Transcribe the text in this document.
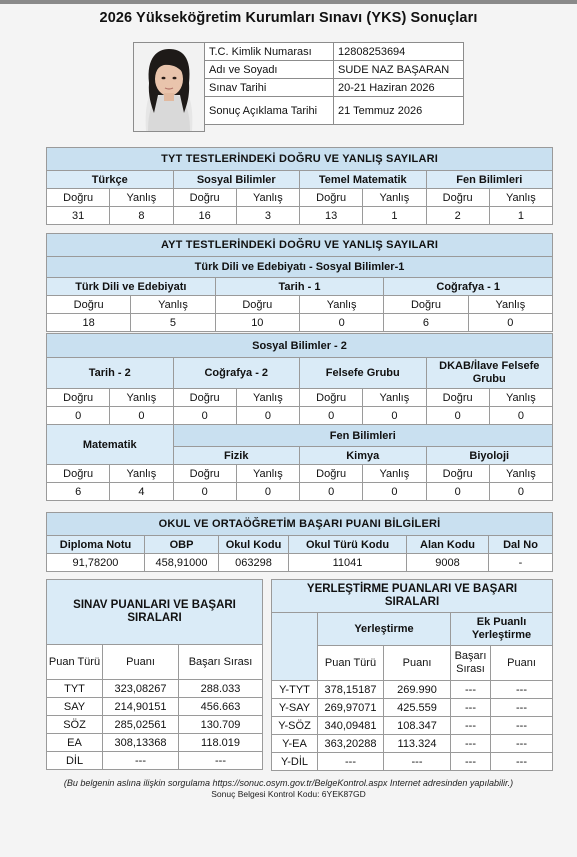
2026 Yükseköğretim Kurumları Sınavı (YKS) Sonuçları
T.C. Kimlik Numarası	12808253694
Adı ve Soyadı	SUDE NAZ BAŞARAN
Sınav Tarihi	20-21 Haziran 2026
Sonuç Açıklama Tarihi	21 Temmuz 2026
TYT TESTLERİNDEKİ DOĞRU VE YANLIŞ SAYILARI							
Türkçe		Sosyal Bilimler		Temel Matematik		Fen Bilimleri	
Doğru	Yanlış	Doğru	Yanlış	Doğru	Yanlış	Doğru	Yanlış
31	8	16	3	13	1	2	1
AYT TESTLERİNDEKİ DOĞRU VE YANLIŞ SAYILARI					
Türk Dili ve Edebiyatı - Sosyal Bilimler-1					
Türk Dili ve Edebiyatı		Tarih - 1		Coğrafya - 1	
Doğru	Yanlış	Doğru	Yanlış	Doğru	Yanlış
18	5	10	0	6	0
Sosyal Bilimler - 2							
Tarih - 2		Coğrafya - 2		Felsefe Grubu		DKAB/İlave Felsefe Grubu	
Doğru	Yanlış	Doğru	Yanlış	Doğru	Yanlış	Doğru	Yanlış
0	0	0	0	0	0	0	0
Matematik		Fen Bilimleri					
		Fizik		Kimya		Biyoloji	
Doğru	Yanlış	Doğru	Yanlış	Doğru	Yanlış	Doğru	Yanlış
6	4	0	0	0	0	0	0
OKUL VE ORTAÖĞRETİM BAŞARI PUANI BİLGİLERİ					
Diploma Notu	OBP	Okul Kodu	Okul Türü Kodu	Alan Kodu	Dal No
91,78200	458,91000	063298	11041	9008	-
SINAV PUANLARI VE BAŞARI SIRALARI		
Puan Türü	Puanı	Başarı Sırası
TYT	323,08267	288.033
SAY	214,90151	456.663
SÖZ	285,02561	130.709
EA	308,13368	118.019
DİL	---	---
YERLEŞTİRME PUANLARI VE BAŞARI SIRALARI					
	Yerleştirme		Ek Puanlı Yerleştirme		
	Puan Türü	Puanı	Başarı Sırası	Puanı	
Y-TYT	378,15187	269.990	---	---	
Y-SAY	269,97071	425.559	---	---	
Y-SÖZ	340,09481	108.347	---	---	
Y-EA	363,20288	113.324	---	---	
Y-DİL	---	---	---	---	
(Bu belgenin aslına ilişkin sorgulama https://sonuc.osym.gov.tr/BelgeKontrol.aspx Internet adresinden yapılabilir.)
Sonuç Belgesi Kontrol Kodu: 6YEK87GD
